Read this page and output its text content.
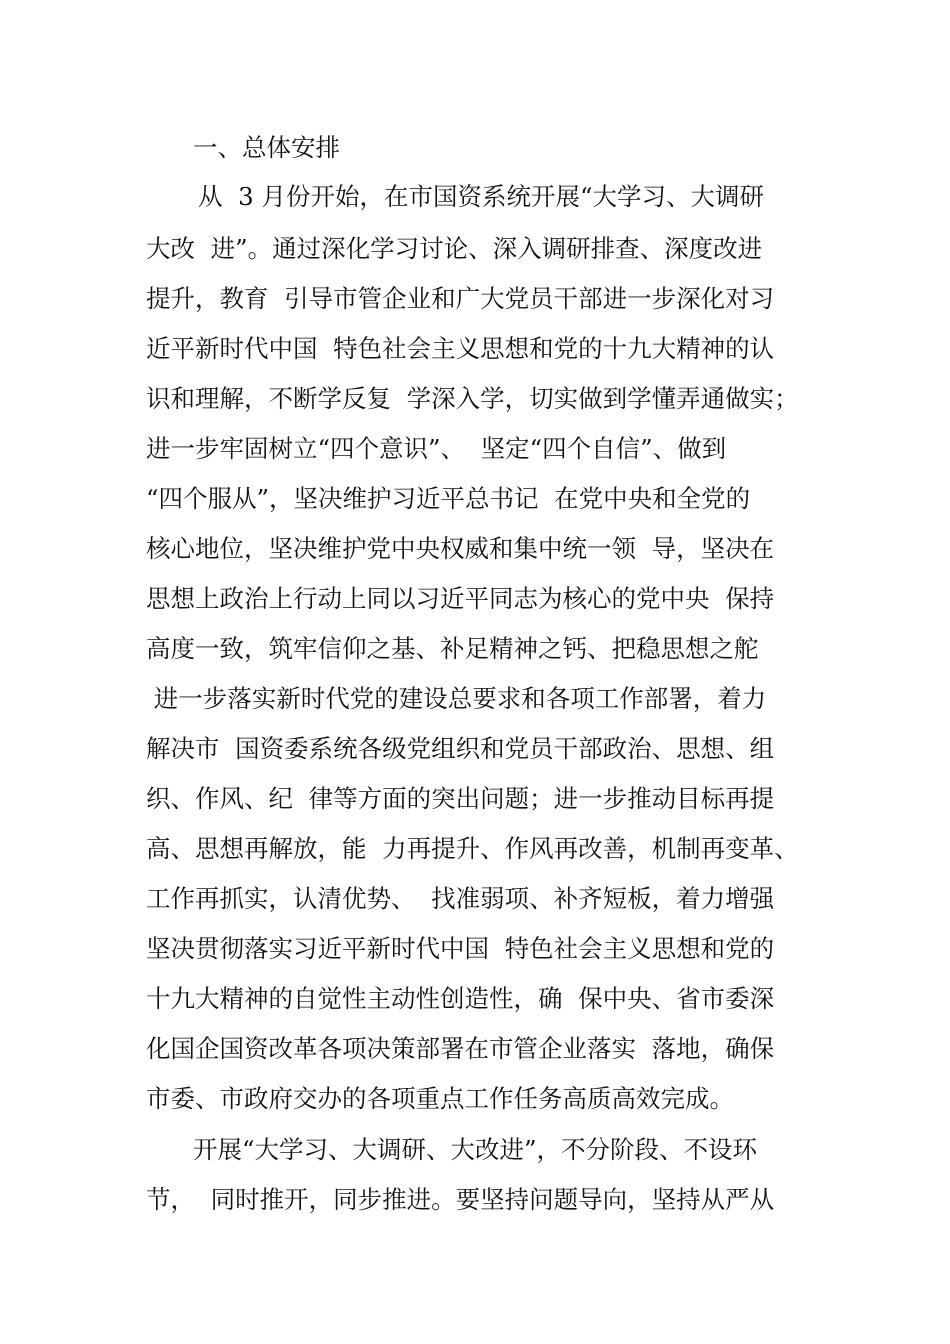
一、总体安排
从  3 月份开始，在市国资系统开展“大学习、大调研
大改  进”。通过深化学习讨论、深入调研排查、深度改进
提升，教育  引导市管企业和广大党员干部进一步深化对习
近平新时代中国  特色社会主义思想和党的十九大精神的认
识和理解，不断学反复  学深入学，切实做到学懂弄通做实；
进一步牢固树立“四个意识”、  坚定“四个自信”、做到
“四个服从”，坚决维护习近平总书记  在党中央和全党的
核心地位，坚决维护党中央权威和集中统一领  导，坚决在
思想上政治上行动上同以习近平同志为核心的党中央  保持
高度一致，筑牢信仰之基、补足精神之钙、把稳思想之舵
进一步落实新时代党的建设总要求和各项工作部署，着力
解决市  国资委系统各级党组织和党员干部政治、思想、组
织、作风、纪  律等方面的突出问题；进一步推动目标再提
高、思想再解放，能  力再提升、作风再改善，机制再变革、
工作再抓实，认清优势、  找准弱项、补齐短板，着力增强
坚决贯彻落实习近平新时代中国  特色社会主义思想和党的
十九大精神的自觉性主动性创造性，确  保中央、省市委深
化国企国资改革各项决策部署在市管企业落实  落地，确保
市委、市政府交办的各项重点工作任务高质高效完成。
开展“大学习、大调研、大改进”，不分阶段、不设环
节，  同时推开，同步推进。要坚持问题导向，坚持从严从
